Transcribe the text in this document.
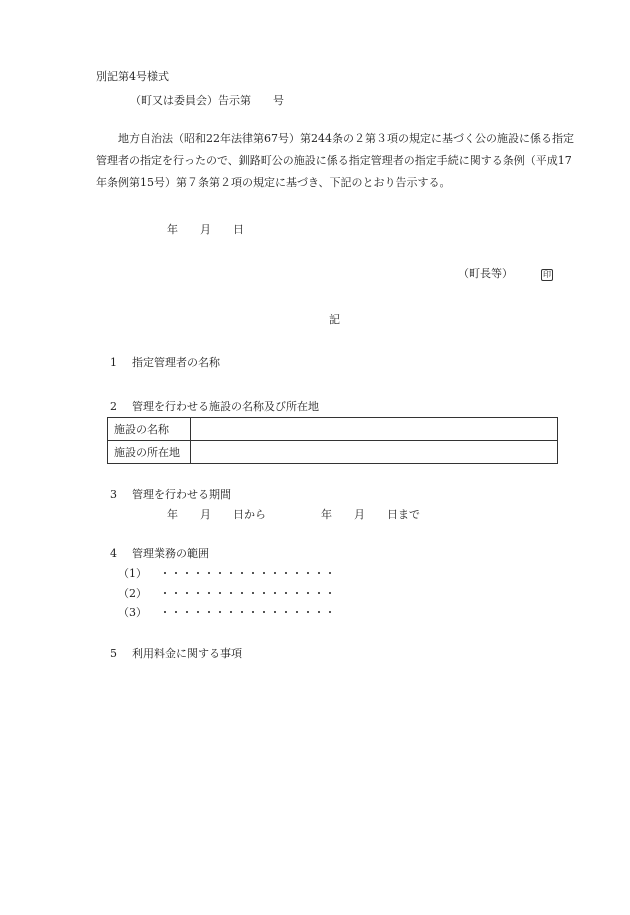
別記第4号様式
（町又は委員会）告示第　　号
地方自治法（昭和22年法律第67号）第244条の２第３項の規定に基づく公の施設に係る指定管理者の指定を行ったので、釧路町公の施設に係る指定管理者の指定手続に関する条例（平成17年条例第15号）第７条第２項の規定に基づき、下記のとおり告示する。
年　　月　　日
（町長等）	印
記
1 指定管理者の名称
2 管理を行わせる施設の名称及び所在地
施設の名称	
施設の所在地	
3 管理を行わせる期間
年　　月　　日から　　　　　年　　月　　日まで
4 管理業務の範囲
（1） ・・・・・・・・・・・・・・・・
（2） ・・・・・・・・・・・・・・・・
（3） ・・・・・・・・・・・・・・・・
5 利用料金に関する事項
